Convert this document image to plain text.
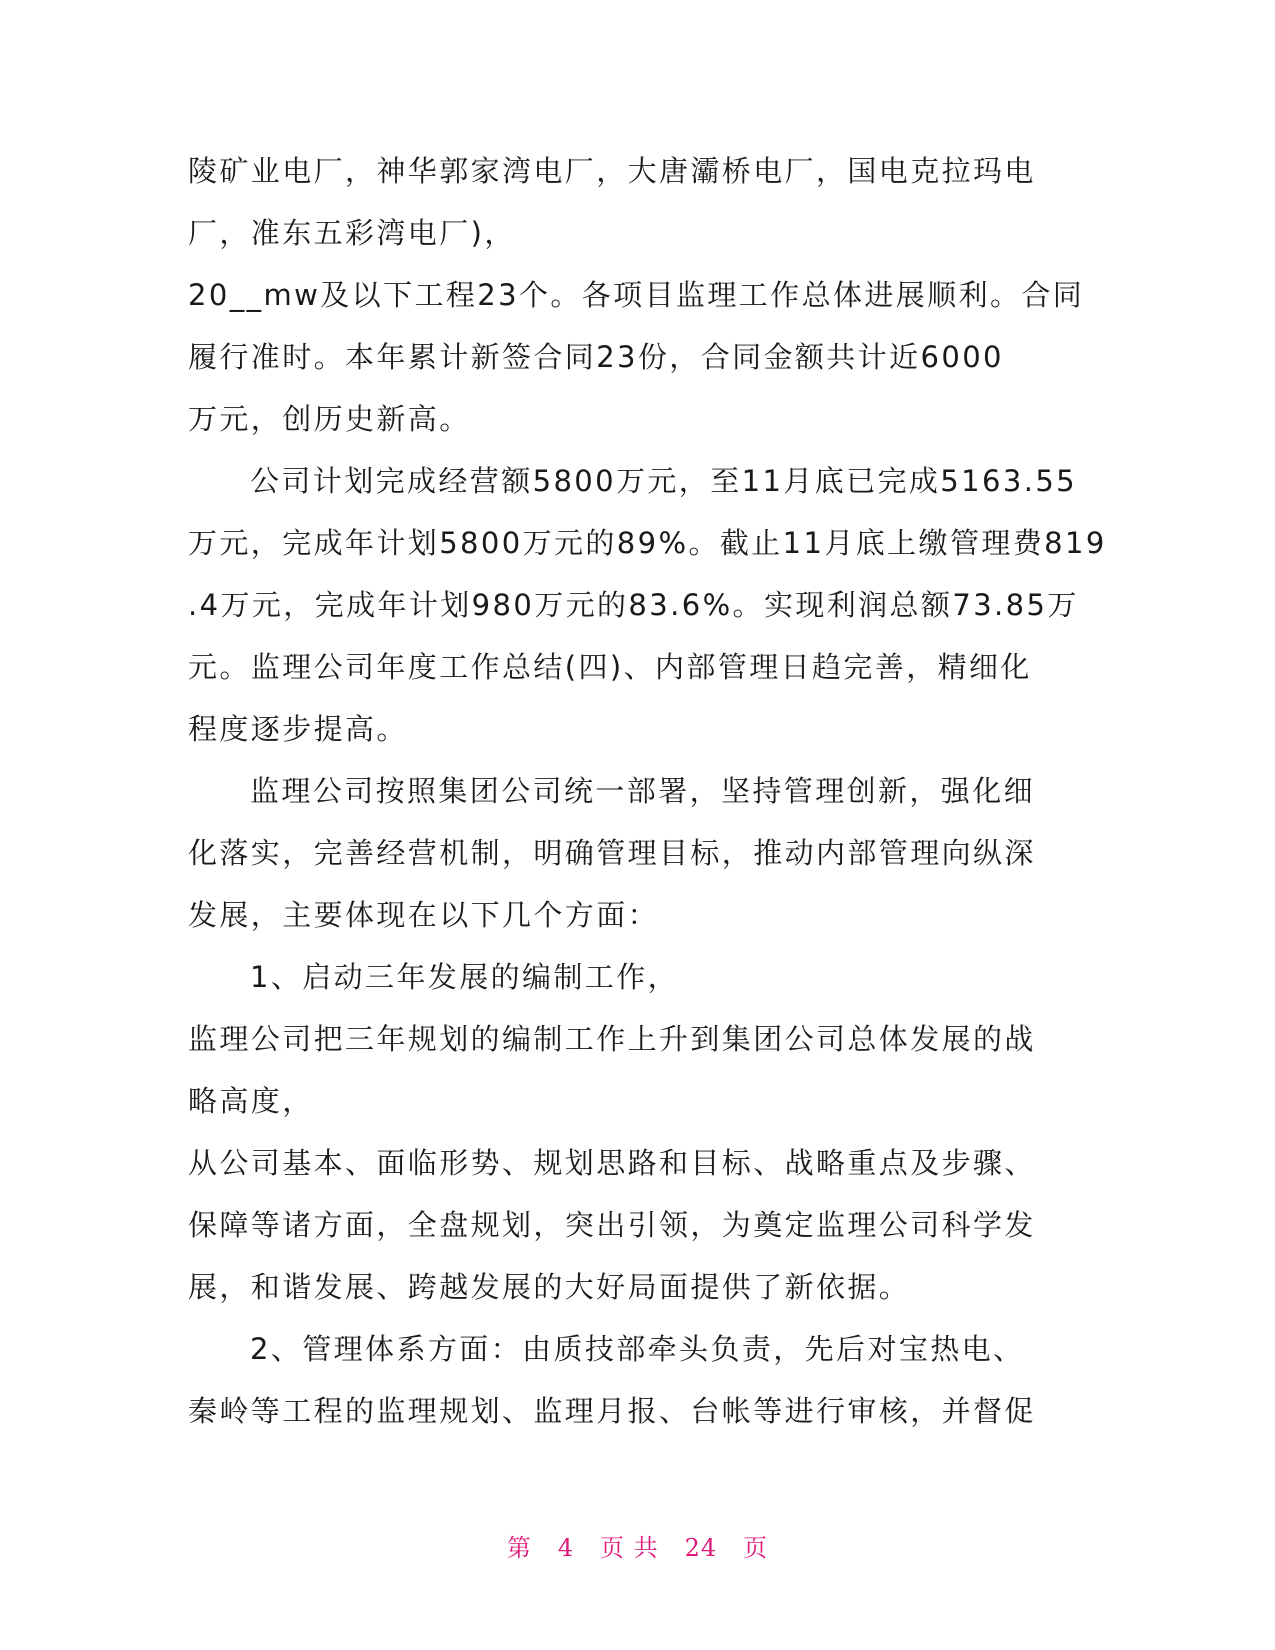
陵矿业电厂，神华郭家湾电厂，大唐灞桥电厂，国电克拉玛电
厂，准东五彩湾电厂)，
20__mw及以下工程23个。各项目监理工作总体进展顺利。合同
履行准时。本年累计新签合同23份，合同金额共计近6000
万元，创历史新高。
公司计划完成经营额5800万元，至11月底已完成5163.55
万元，完成年计划5800万元的89%。截止11月底上缴管理费819
.4万元，完成年计划980万元的83.6%。实现利润总额73.85万
元。监理公司年度工作总结(四)、内部管理日趋完善，精细化
程度逐步提高。
监理公司按照集团公司统一部署，坚持管理创新，强化细
化落实，完善经营机制，明确管理目标，推动内部管理向纵深
发展，主要体现在以下几个方面：
1、启动三年发展的编制工作，
监理公司把三年规划的编制工作上升到集团公司总体发展的战
略高度，
从公司基本、面临形势、规划思路和目标、战略重点及步骤、
保障等诸方面，全盘规划，突出引领，为奠定监理公司科学发
展，和谐发展、跨越发展的大好局面提供了新依据。
2、管理体系方面：由质技部牵头负责，先后对宝热电、
秦岭等工程的监理规划、监理月报、台帐等进行审核，并督促
第 4 页 共 24 页
